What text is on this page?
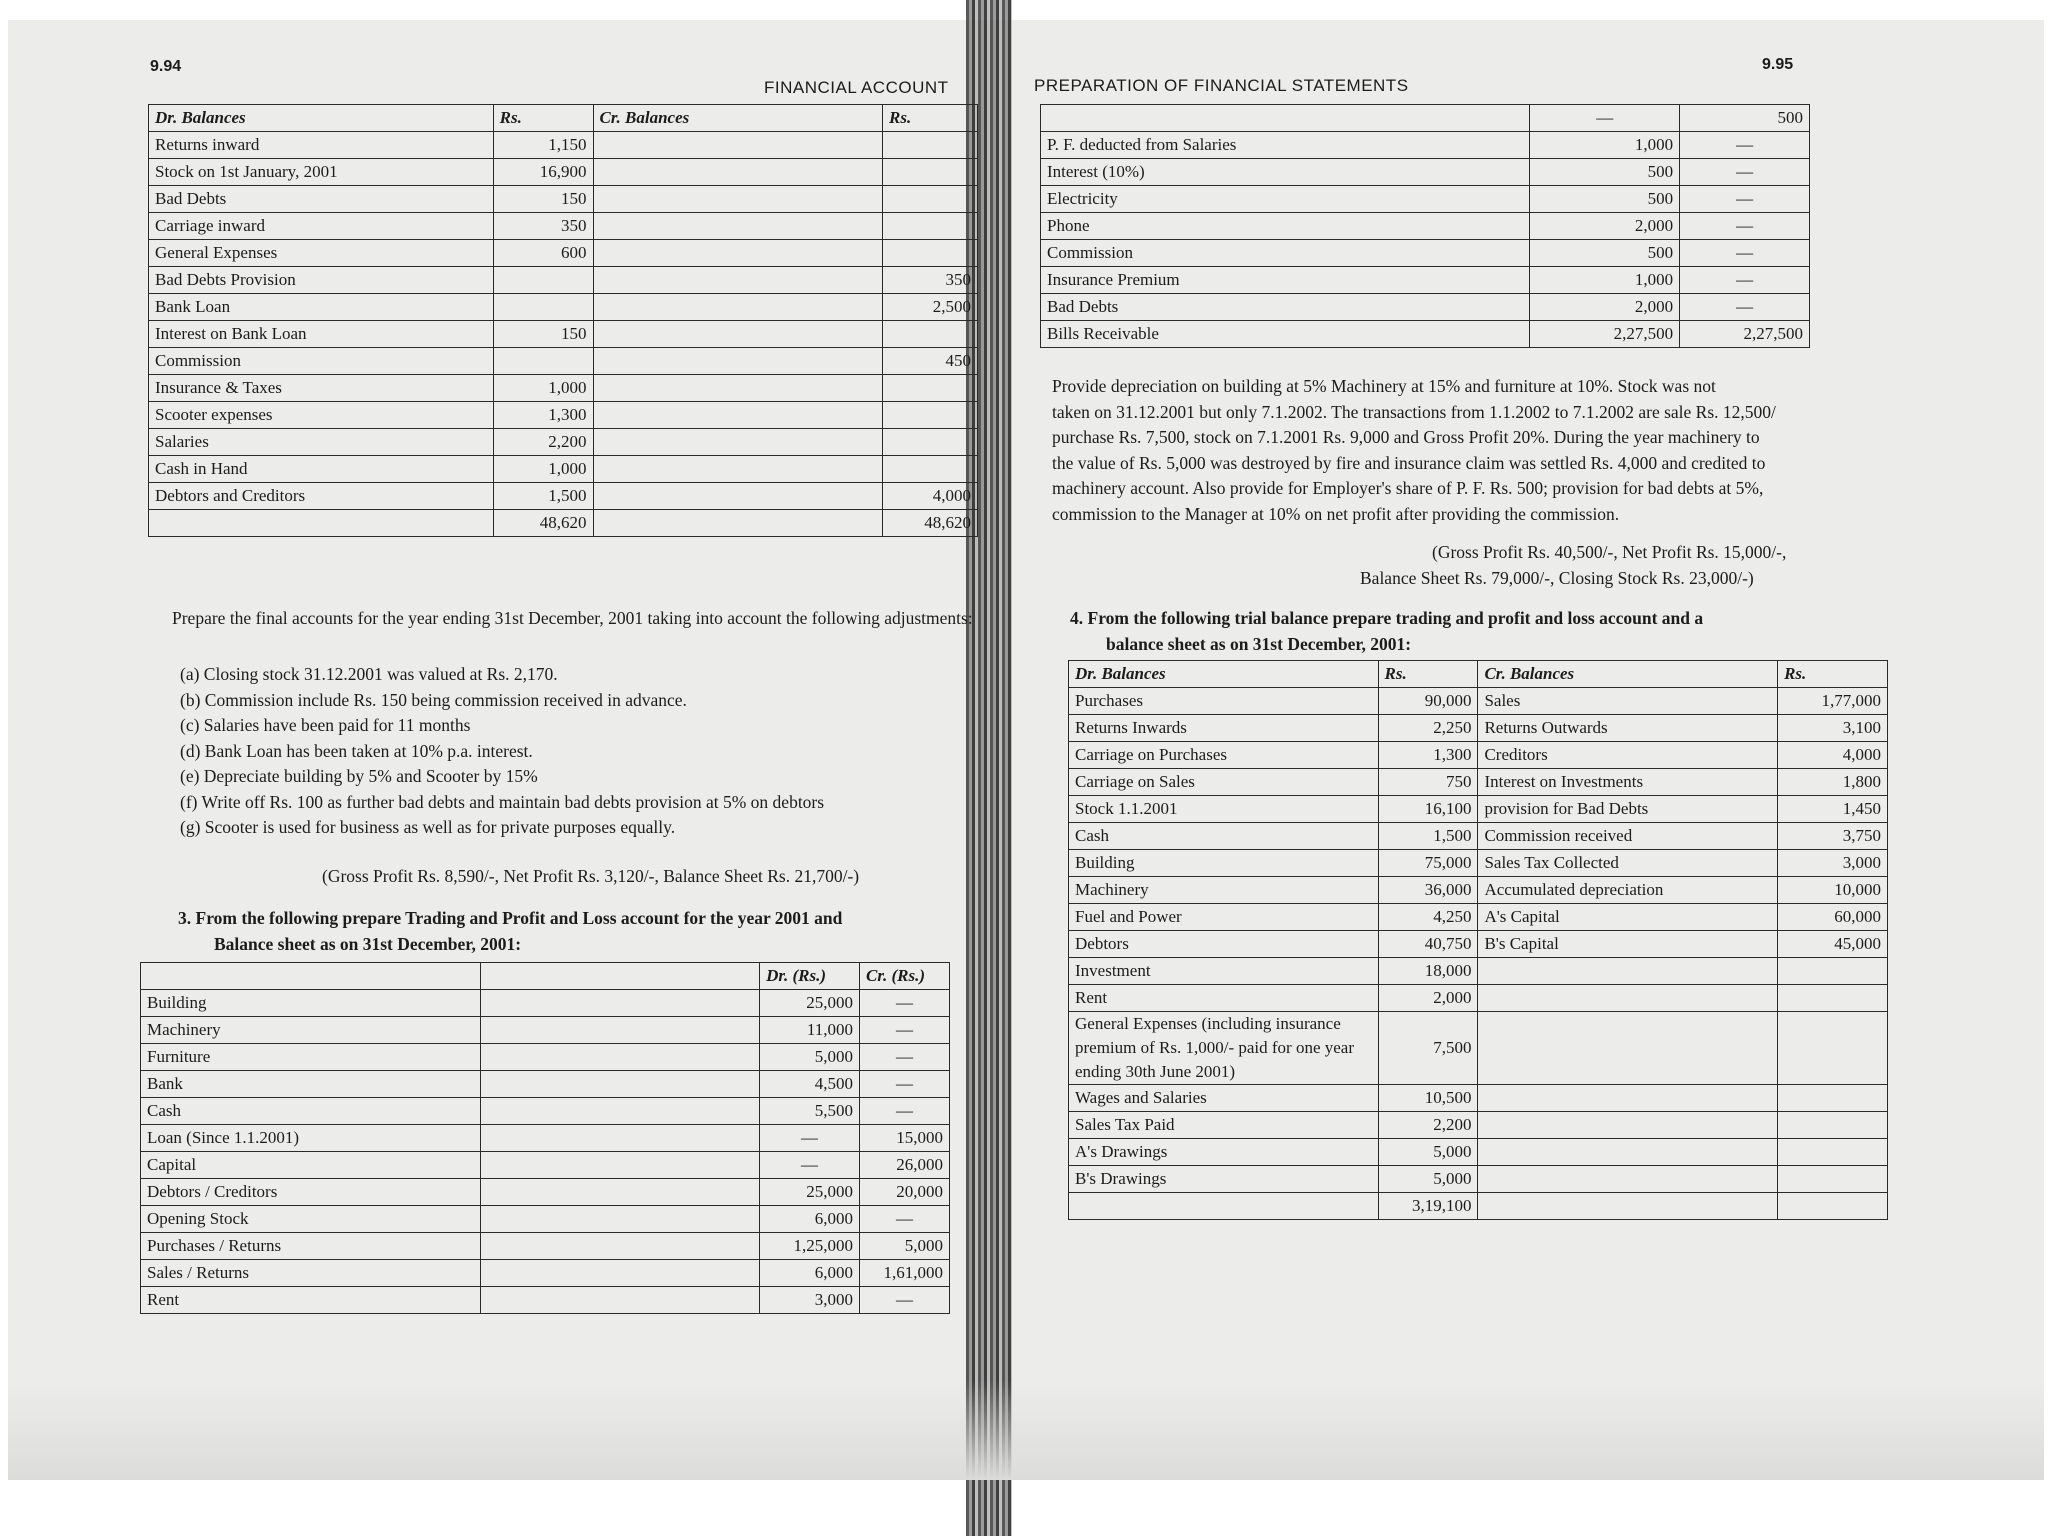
9.94
FINANCIAL ACCOUNT
Dr. Balances	Rs.	Cr. Balances	Rs.
Returns inward	1,150		
Stock on 1st January, 2001	16,900		
Bad Debts	150		
Carriage inward	350		
General Expenses	600		
Bad Debts Provision			350
Bank Loan			2,500
Interest on Bank Loan	150		
Commission			450
Insurance & Taxes	1,000		
Scooter expenses	1,300		
Salaries	2,200		
Cash in Hand	1,000		
Debtors and Creditors	1,500		4,000
	48,620		48,620
Prepare the final accounts for the year ending 31st December, 2001 taking into account the following adjustments:
(a) Closing stock 31.12.2001 was valued at Rs. 2,170.
(b) Commission include Rs. 150 being commission received in advance.
(c) Salaries have been paid for 11 months
(d) Bank Loan has been taken at 10% p.a. interest.
(e) Depreciate building by 5% and Scooter by 15%
(f) Write off Rs. 100 as further bad debts and maintain bad debts provision at 5% on debtors
(g) Scooter is used for business as well as for private purposes equally.
(Gross Profit Rs. 8,590/-, Net Profit Rs. 3,120/-, Balance Sheet Rs. 21,700/-)
3. From the following prepare Trading and Profit and Loss account for the year 2001 and
Balance sheet as on 31st December, 2001:
		Dr. (Rs.)	Cr. (Rs.)
Building		25,000	—
Machinery		11,000	—
Furniture		5,000	—
Bank		4,500	—
Cash		5,500	—
Loan (Since 1.1.2001)		—	15,000
Capital		—	26,000
Debtors / Creditors		25,000	20,000
Opening Stock		6,000	—
Purchases / Returns		1,25,000	5,000
Sales / Returns		6,000	1,61,000
Rent		3,000	—
9.95
PREPARATION OF FINANCIAL STATEMENTS
	—	500
P. F. deducted from Salaries	1,000	—
Interest (10%)	500	—
Electricity	500	—
Phone	2,000	—
Commission	500	—
Insurance Premium	1,000	—
Bad Debts	2,000	—
Bills Receivable	2,27,500	2,27,500
Provide depreciation on building at 5% Machinery at 15% and furniture at 10%. Stock was not
taken on 31.12.2001 but only 7.1.2002. The transactions from 1.1.2002 to 7.1.2002 are sale Rs. 12,500/
purchase Rs. 7,500, stock on 7.1.2001 Rs. 9,000 and Gross Profit 20%. During the year machinery to
the value of Rs. 5,000 was destroyed by fire and insurance claim was settled Rs. 4,000 and credited to
machinery account. Also provide for Employer's share of P. F. Rs. 500; provision for bad debts at 5%,
commission to the Manager at 10% on net profit after providing the commission.
(Gross Profit Rs. 40,500/-, Net Profit Rs. 15,000/-,
Balance Sheet Rs. 79,000/-, Closing Stock Rs. 23,000/-)
4. From the following trial balance prepare trading and profit and loss account and a
balance sheet as on 31st December, 2001:
Dr. Balances	Rs.	Cr. Balances	Rs.
Purchases	90,000	Sales	1,77,000
Returns Inwards	2,250	Returns Outwards	3,100
Carriage on Purchases	1,300	Creditors	4,000
Carriage on Sales	750	Interest on Investments	1,800
Stock 1.1.2001	16,100	provision for Bad Debts	1,450
Cash	1,500	Commission received	3,750
Building	75,000	Sales Tax Collected	3,000
Machinery	36,000	Accumulated depreciation	10,000
Fuel and Power	4,250	A's Capital	60,000
Debtors	40,750	B's Capital	45,000
Investment	18,000		
Rent	2,000		
General Expenses (including insurance premium of Rs. 1,000/- paid for one year ending 30th June 2001)	7,500		
Wages and Salaries	10,500		
Sales Tax Paid	2,200		
A's Drawings	5,000		
B's Drawings	5,000		
	3,19,100		
